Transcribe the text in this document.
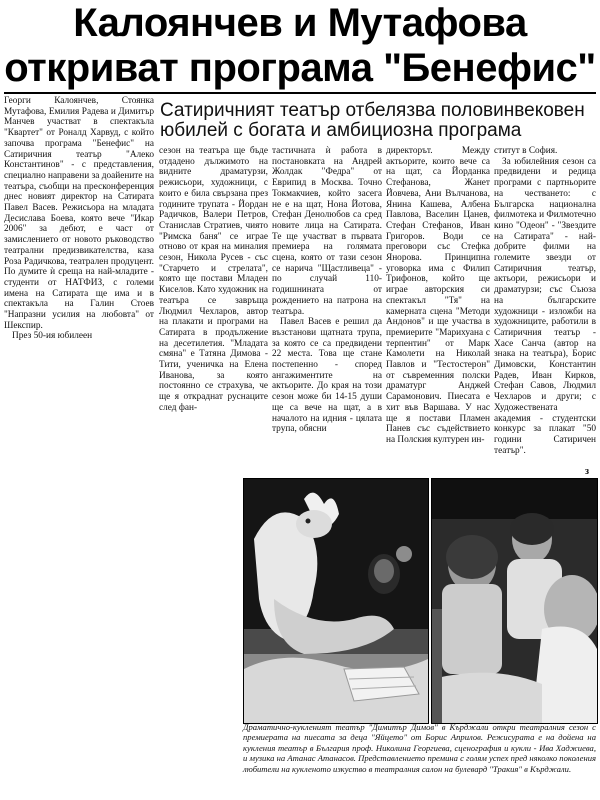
Калоянчев и Мутафова
откриват програма "Бенефис"
Сатиричният театър отбелязва половинвековен юбилей с богата и амбициозна програма

Георги Калоянчев, Стоянка Мутафова, Емилия Радева и Димитър Манчев участват в спектакъла "Квартет" от Роналд Харвуд, с който започва програма "Бенефис" на Сатиричния театър "Алеко Константинов" - с представления, специално направени за доайените на театъра, съобщи на пресконференция днес новият директор на Сатирата Павел Васев. Режисьора на младата Десислава Боева, която вече "Икар 2006" за дебют, е част от замислението от новото ръководство театрални предизвикателства, каза Роза Радичкова, театрален продуцент. По думите ѝ среща на най-младите - студенти от НАТФИЗ, с големи имена на Сатирата ще има и в спектакъла на Галин Стоев "Напразни усилия на любовта" от Шекспир.

През 50-ия юбилеен

сезон на театъра ще бъде отдадено дължимото на видните драматурзи, режисьори, художници, с които е била свързана през годините трупата - Йордан Радичков, Валери Петров, Станислав Стратиев, чиято "Римска баня" се играе отново от края на миналия сезон, Никола Русев - със "Старчето и стрелата", която ще постави Младен Киселов. Като художник на театъра се завръща Людмил Чехларов, автор на плакати и програми на Сатирата в продължение на десетилетия. "Младата смяна" е Татяна Димова - Тити, ученичка на Елена Иванова, за която постоянно се страхува, че ще я откраднат руснаците след фан-

тастичната ѝ работа в постановката на Андрей Жолдак "Федра" от Еврипид в Москва. Точно Токмакчиев, който засега не е на щат, Нона Йотова, Стефан Денолюбов са сред новите лица на Сатирата. Те ще участват в първата премиера на голямата сцена, която от тази сезон се нарича "Щастливеца" - по случай 110-годишнината от рождението на патрона на театъра.

Павел Васев е решил да възстанови щатната трупа, за която се са предвидени 22 места. Това ще стане постепенно - според ангажиментите на актьорите. До края на този сезон може би 14-15 души ще са вече на щат, а в началото на идния - цялата трупа, обясни

директорът. Между актьорите, които вече са на щат, са Йорданка Стефанова, Жанет Йовчева, Ани Вълчанова, Янина Кашева, Албена Павлова, Васелин Цанев, Стефан Стефанов, Иван Григоров. Води се преговори със Стефка Янорова. Принципна уговорка има с Филип Трифонов, който ще играе авторския си спектакъл "Тя" на камерната сцена "Методи Андонов" и ще участва в премиерите "Марихуана с терпентин" от Марк Камолети на Николай Павлов и "Тестостерон" от съвременния полски драматург Анджей Сарамонович. Пиесата е хит във Варшава. У нас ще я постави Пламен Панев със съдействието на Полския културен ин-

ститут в София.

За юбилейния сезон са предвидени и редица програми с партньорите на честването: с Българска национална филмотека и Филмотечно кино "Одеон" - "Звездите на Сатирата" - най-добрите филми на големите звезди от Сатиричния театър, актьори, режисьори и драматурзи; със Съюза на българските художници - изложби на художниците, работили в Сатиричния театър - Хасе Санча (автор на знака на театъра), Борис Димовски, Константин Радев, Иван Кирков, Стефан Савов, Людмил Чехларов и други; с Художествената академия - студентски конкурс за плакат "50 години Сатиричен театър".

з
Драматично-кукленият театър "Димитър Димов" в Кърджали откри театралния сезон с премиерата на пиесата за деца "Яйцето" от Борис Априлов. Режисурата е на дойена на кукления театър в България проф. Николина Георгиева, сценография и кукли - Ива Хаджиева, и музика на Атанас Атанасов. Представлението премина с голям успех пред няколко поколения любители на кукленото изкуство в театралния салон на булевард "Тракия" в Кърджали.
